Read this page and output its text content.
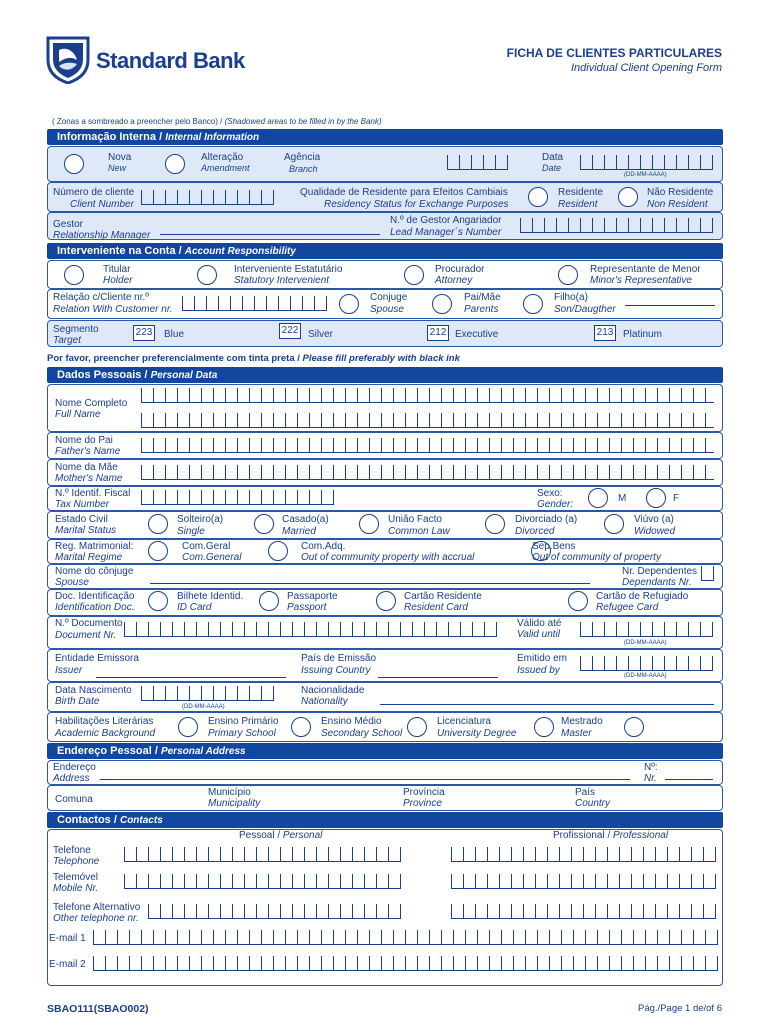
Standard Bank	FICHA DE CLIENTES PARTICULARES
Individual Client Opening Form
( Zonas a sombreado a preencher pelo Banco) / (Shadowed areas to be filled in by the Bank)
Informação Interna / Internal Information
Nova
New
Alteração
Amendment
Agência
Branch
Data
Date
(DD-MM-AAAA)
Número de cliente
Client Number
Qualidade de Residente para Efeitos Cambiais
Residency Status for Exchange Purposes
Residente
Resident
Não Residente
Non Resident
Gestor
Relationship Manager
N.º de Gestor Angariador
Lead Manager´s Number
Interveniente na Conta / Account Responsibility
Titular
Holder
Interveniente Estatutário
Statutory Intervenient
Procurador
Attorney
Representante de Menor
Minor's Representative
Relação c/Cliente nr.º
Relation With Customer nr.
Conjuge
Spouse
Pai/Mãe
Parents
Filho(a)
Son/Daugther
Segmento
Target
223 Blue	222 Silver	212 Executive	213 Platinum
Por favor, preencher preferencialmente com tinta preta / Please fill preferably with black ink
Dados Pessoais / Personal Data
Nome Completo
Full Name
Nome do Pai
Father's Name
Nome da Mãe
Mother's Name
N.º Identif. Fiscal
Tax Number
Sexo:
Gender:
M	F
Estado Civil
Marital Status
Solteiro(a)
Single
Casado(a)
Married
União Facto
Common Law
Divorciado (a)
Divorced
Viúvo (a)
Widowed
Reg. Matrimonial:
Marital Regime
Com.Geral
Com.General
Com.Adq.
Out of community property with accrual
Sep.Bens
Out of community of property
Nome do cônjuge
Spouse
Nr. Dependentes
Dependants Nr.
Doc. Identificação
Identification Doc.
Bilhete Identid.
ID Card
Passaporte
Passport
Cartão Residente
Resident Card
Cartão de Refugiado
Refugee Card
N.º Documento
Document Nr.
Válido até
Valid until
(DD-MM-AAAA)
Entidade Emissora
Issuer
País de Emissão
Issuing Country
Emitido em
Issued by	(DD-MM-AAAA)
Data Nascimento
Birth Date	(DD-MM-AAAA)
Nacionalidade
Nationality
Habilitações Literárias
Academic Background
Ensino Primário
Primary School
Ensino Médio
Secondary School
Licenciatura
University Degree
Mestrado
Master
Endereço Pessoal / Personal Address
Endereço
Address
Nº:
Nr.
Comuna
Município
Municipality
Província
Province
País
Country
Contactos / Contacts
Pessoal / Personal	Profissional / Professional
Telefone
Telephone
Telemóvel
Mobile Nr.
Telefone Alternativo
Other telephone nr.
E-mail 1
E-mail 2
SBAO111(SBAO002)	Pág./Page 1 de/of 6
